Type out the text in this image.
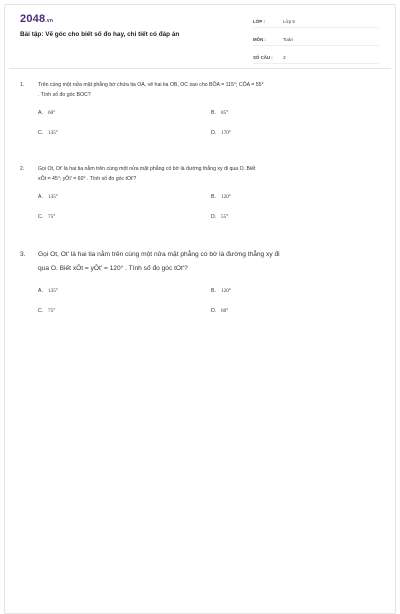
2048.vn
Bài tập: Vẽ góc cho biết số đo hay, chi tiết có đáp án
LỚP :	Lớp 6
MÔN :	Toán
SỐ CÂU :	3
1.	Trên cùng một nửa mặt phẳng bờ chứa tia OA, vẽ hai tia OB, OC sao cho BÔA = 115°; CÔA = 55°
. Tính số đo góc BOC?
A. 60°	B. 85°
C. 135°	D. 170°
2.	Gọi Ot, Ot' là hai tia nằm trên cùng một nửa mặt phẳng có bờ là đường thẳng xy đi qua O. Biết
xÔt = 45°; yÔt' = 60° . Tính số đo góc tOt'?
A. 135°	B. 120°
C. 75°	D. 55°
3.	Gọi Ot, Ot' là hai tia nằm trên cùng một nửa mặt phẳng có bờ là đường thẳng xy đi
qua O. Biết xÔt = yÔt' = 120° . Tính số đo góc tOt'?
A. 135°	B. 120°
C. 75°	D. 60°
